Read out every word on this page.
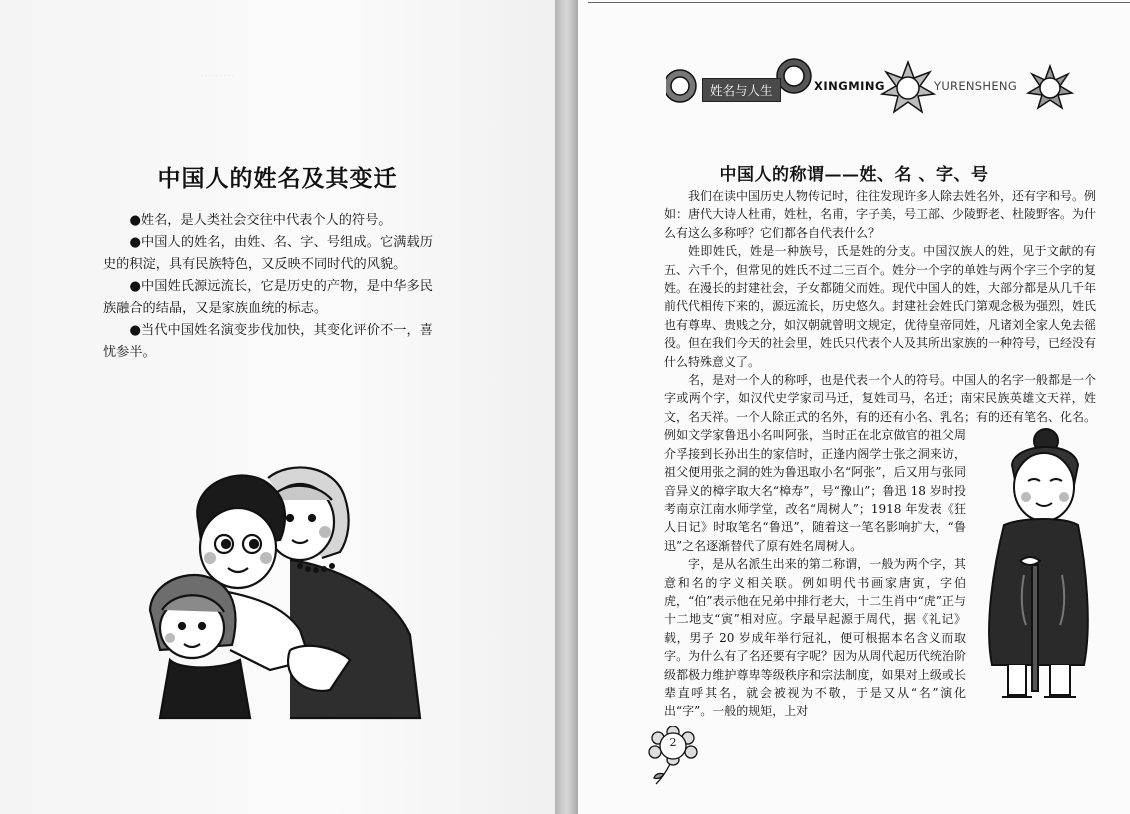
·········
中国人的姓名及其变迁

●姓名，是人类社会交往中代表个人的符号。

●中国人的姓名，由姓、名、字、号组成。它满载历史的积淀，具有民族特色，又反映不同时代的风貌。

●中国姓氏源远流长，它是历史的产物，是中华多民族融合的结晶，又是家族血统的标志。

●当代中国姓名演变步伐加快，其变化评价不一，喜忧参半。

姓名与人生	XINGMING	YURENSHENG
中国人的称谓——姓、名 、字、号

我们在读中国历史人物传记时，往往发现许多人除去姓名外，还有字和号。例如：唐代大诗人杜甫，姓杜，名甫，字子美，号工部、少陵野老、杜陵野客。为什么有这么多称呼？它们都各自代表什么？

姓即姓氏，姓是一种族号，氏是姓的分支。中国汉族人的姓，见于文献的有五、六千个，但常见的姓氏不过二三百个。姓分一个字的单姓与两个字三个字的复姓。在漫长的封建社会，子女都随父而姓。现代中国人的姓，大部分都是从几千年前代代相传下来的，源远流长，历史悠久。封建社会姓氏门第观念极为强烈，姓氏也有尊卑、贵贱之分，如汉朝就曾明文规定，优待皇帝同姓，凡诸刘全家人免去徭役。但在我们今天的社会里，姓氏只代表个人及其所出家族的一种符号，已经没有什么特殊意义了。

名，是对一个人的称呼，也是代表一个人的符号。中国人的名字一般都是一个字或两个字，如汉代史学家司马迁，复姓司马，名迁；南宋民族英雄文天祥，姓文，名天祥。一个人除正式的名外，有的还有小名、乳名；有的还有笔名、化名。例如文学家鲁迅小名叫阿张，当时正在北京做官的祖父周介孚接到长孙出生的家信时，正逢内阁学士张之洞来访，祖父便用张之洞的姓为鲁迅取小名“阿张”，后又用与张同音异义的樟字取大名“樟寿”，号“豫山”；鲁迅 18 岁时投考南京江南水师学堂，改名“周树人”；1918 年发表《狂人日记》时取笔名“鲁迅”，随着这一笔名影响扩大，“鲁迅”之名逐渐替代了原有姓名周树人。

字，是从名派生出来的第二称谓，一般为两个字，其意和名的字义相关联。例如明代书画家唐寅，字伯虎，“伯”表示他在兄弟中排行老大，十二生肖中“虎”正与十二地支“寅”相对应。字最早起源于周代，据《礼记》载，男子 20 岁成年举行冠礼，便可根据本名含义而取字。为什么有了名还要有字呢？因为从周代起历代统治阶级都极力维护尊卑等级秩序和宗法制度，如果对上级或长辈直呼其名，就会被视为不敬，于是又从“名”演化出“字”。一般的规矩，上对

2
